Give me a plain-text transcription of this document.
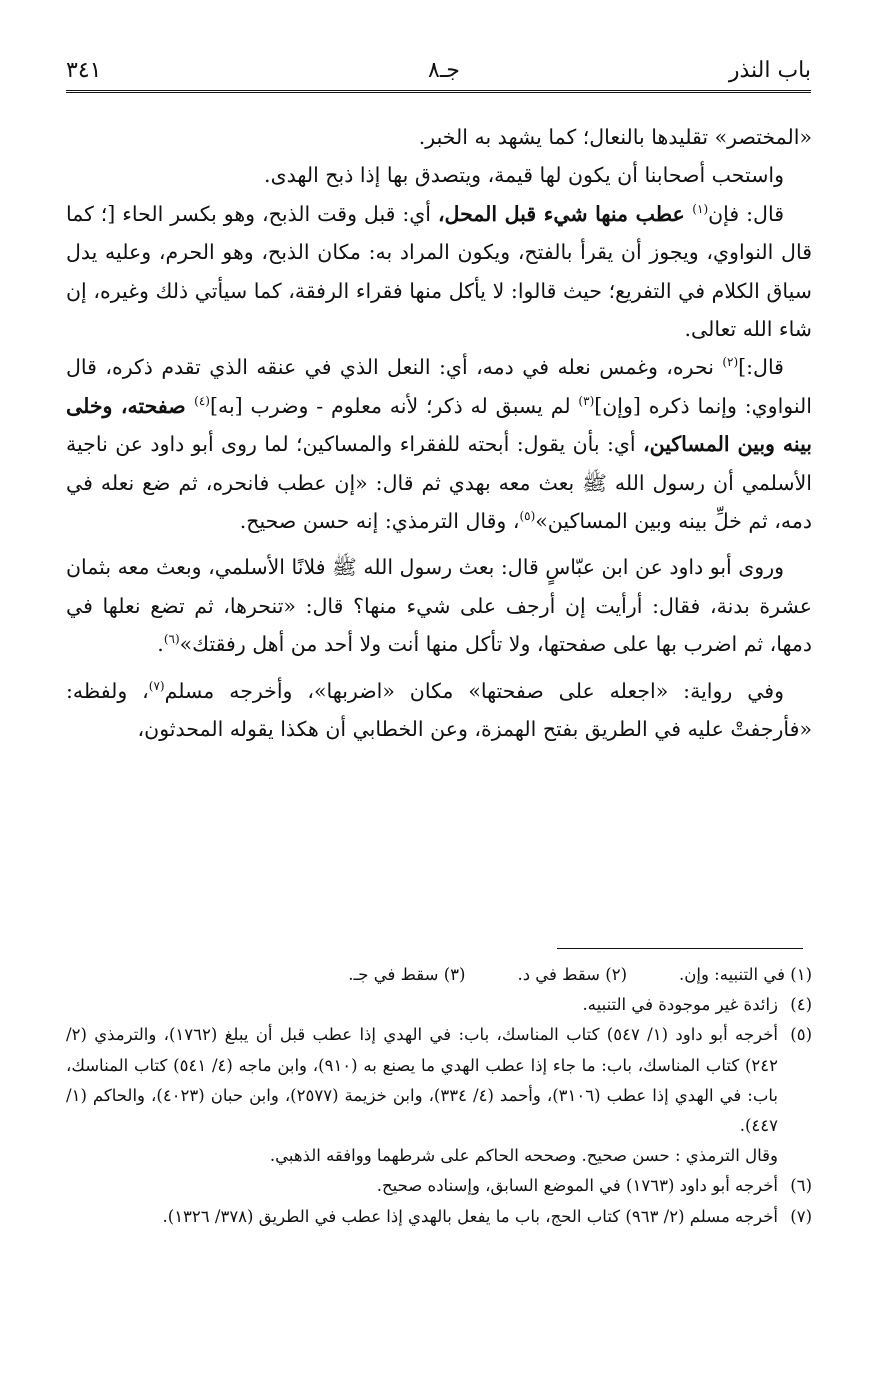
باب النذر
جـ٨
٣٤١

«المختصر» تقليدها بالنعال؛ كما يشهد به الخبر.

واستحب أصحابنا أن يكون لها قيمة، ويتصدق بها إذا ذبح الهدى.

قال: فإن$^{(١)}$ عطب منها شيء قبل المحل، أي: قبل وقت الذبح، وهو بكسر الحاء [؛ كما قال النواوي، ويجوز أن يقرأ بالفتح، ويكون المراد به: مكان الذبح، وهو الحرم، وعليه يدل سياق الكلام في التفريع؛ حيث قالوا: لا يأكل منها فقراء الرفقة، كما سيأتي ذلك وغيره، إن شاء الله تعالى.

قال:]$^{(٢)}$ نحره، وغمس نعله في دمه، أي: النعل الذي في عنقه الذي تقدم ذكره، قال النواوي: وإنما ذكره [وإن]$^{(٣)}$ لم يسبق له ذكر؛ لأنه معلوم - وضرب [به]$^{(٤)}$ صفحته، وخلى بينه وبين المساكين، أي: بأن يقول: أبحته للفقراء والمساكين؛ لما روى أبو داود عن ناجية الأسلمي أن رسول الله ﷺ بعث معه بهدي ثم قال: «إن عطب فانحره، ثم ضع نعله في دمه، ثم خلِّ بينه وبين المساكين»$^{(٥)}$، وقال الترمذي: إنه حسن صحيح.

وروى أبو داود عن ابن عبّاسٍ قال: بعث رسول الله ﷺ فلانًا الأسلمي، وبعث معه بثمان عشرة بدنة، فقال: أرأيت إن أرجف على شيء منها؟ قال: «تنحرها، ثم تضع نعلها في دمها، ثم اضرب بها على صفحتها، ولا تأكل منها أنت ولا أحد من أهل رفقتك»$^{(٦)}$.

وفي رواية: «اجعله على صفحتها» مكان «اضربها»، وأخرجه مسلم$^{(٧)}$، ولفظه: «فأرجفتْ عليه في الطريق بفتح الهمزة، وعن الخطابي أن هكذا يقوله المحدثون،

(١) في التنبيه: وإن.
(٢) سقط في د.
(٣) سقط في جـ.
(٤)
زائدة غير موجودة في التنبيه.
(٥)
أخرجه أبو داود (١/ ٥٤٧) كتاب المناسك، باب: في الهدي إذا عطب قبل أن يبلغ (١٧٦٢)، والترمذي (٢/ ٢٤٢) كتاب المناسك، باب: ما جاء إذا عطب الهدي ما يصنع به (٩١٠)، وابن ماجه (٤/ ٥٤١) كتاب المناسك، باب: في الهدي إذا عطب (٣١٠٦)، وأحمد (٤/ ٣٣٤)، وابن خزيمة (٢٥٧٧)، وابن حبان (٤٠٢٣)، والحاكم (١/ ٤٤٧).
وقال الترمذي : حسن صحيح. وصححه الحاكم على شرطهما ووافقه الذهبي.
(٦)
أخرجه أبو داود (١٧٦٣) في الموضع السابق، وإسناده صحيح.
(٧)
أخرجه مسلم (٢/ ٩٦٣) كتاب الحج، باب ما يفعل بالهدي إذا عطب في الطريق (٣٧٨/ ١٣٢٦).
